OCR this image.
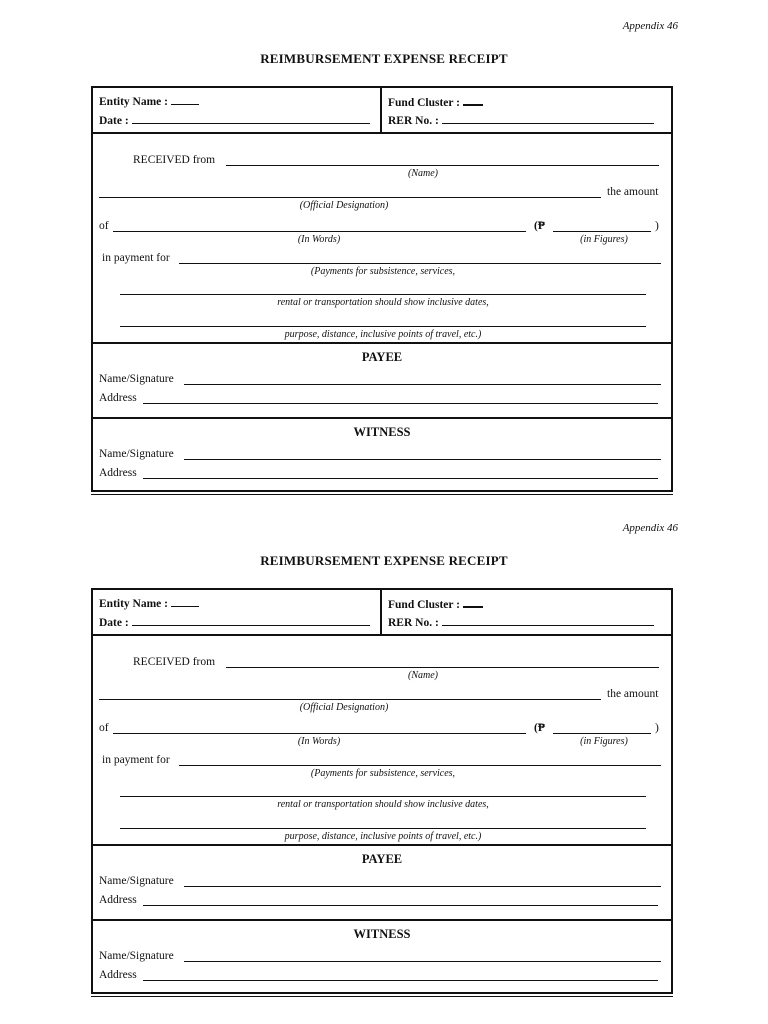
Appendix 46
REIMBURSEMENT EXPENSE RECEIPT
Entity Name :
Date :
Fund Cluster :
RER No. :
RECEIVED from
(Name)
the amount
(Official Designation)
of	(₱	)
(In Words)	(in Figures)
in payment for
(Payments for subsistence, services,
rental or transportation should show inclusive dates,
purpose, distance, inclusive points of travel, etc.)
PAYEE
Name/Signature
Address
WITNESS
Name/Signature
Address
Appendix 46
REIMBURSEMENT EXPENSE RECEIPT
Entity Name :
Date :
Fund Cluster :
RER No. :
RECEIVED from
(Name)
the amount
(Official Designation)
of	(₱	)
(In Words)	(in Figures)
in payment for
(Payments for subsistence, services,
rental or transportation should show inclusive dates,
purpose, distance, inclusive points of travel, etc.)
PAYEE
Name/Signature
Address
WITNESS
Name/Signature
Address
